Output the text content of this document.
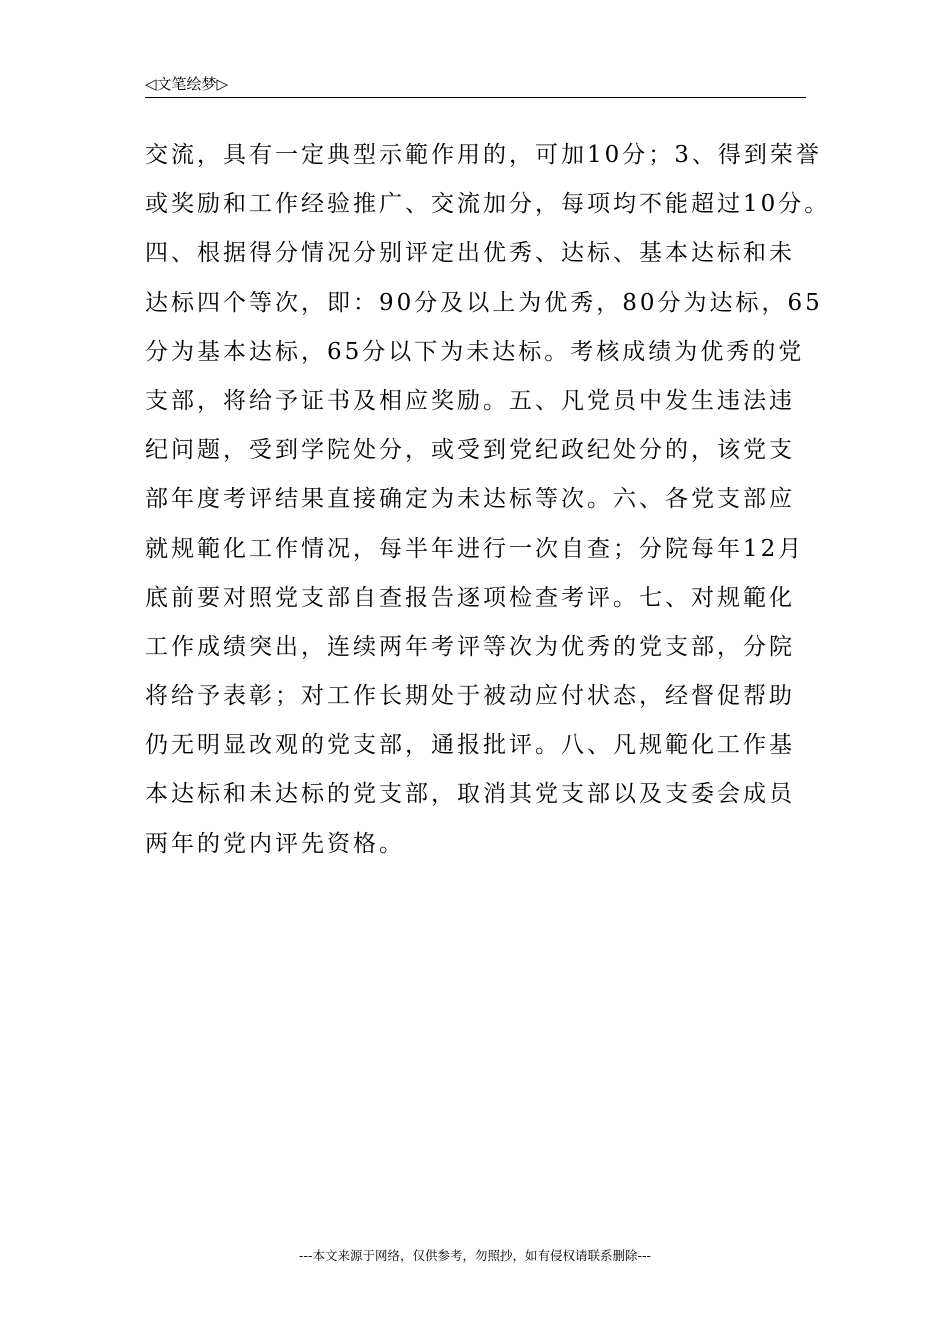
◁文笔绘梦▷
交流，具有一定典型示範作用的，可加10分；3、得到荣誉
或奖励和工作经验推广、交流加分，每项均不能超过10分。
四、根据得分情况分别评定出优秀、达标、基本达标和未
达标四个等次，即：90分及以上为优秀，80分为达标，65
分为基本达标，65分以下为未达标。考核成绩为优秀的党
支部，将给予证书及相应奖励。五、凡党员中发生违法违
纪问题，受到学院处分，或受到党纪政纪处分的，该党支
部年度考评结果直接确定为未达标等次。六、各党支部应
就规範化工作情况，每半年进行一次自查；分院每年12月
底前要对照党支部自查报告逐项检查考评。七、对规範化
工作成绩突出，连续两年考评等次为优秀的党支部，分院
将给予表彰；对工作长期处于被动应付状态，经督促帮助
仍无明显改观的党支部，通报批评。八、凡规範化工作基
本达标和未达标的党支部，取消其党支部以及支委会成员
两年的党内评先资格。
---本文来源于网络，仅供参考，勿照抄，如有侵权请联系删除---
